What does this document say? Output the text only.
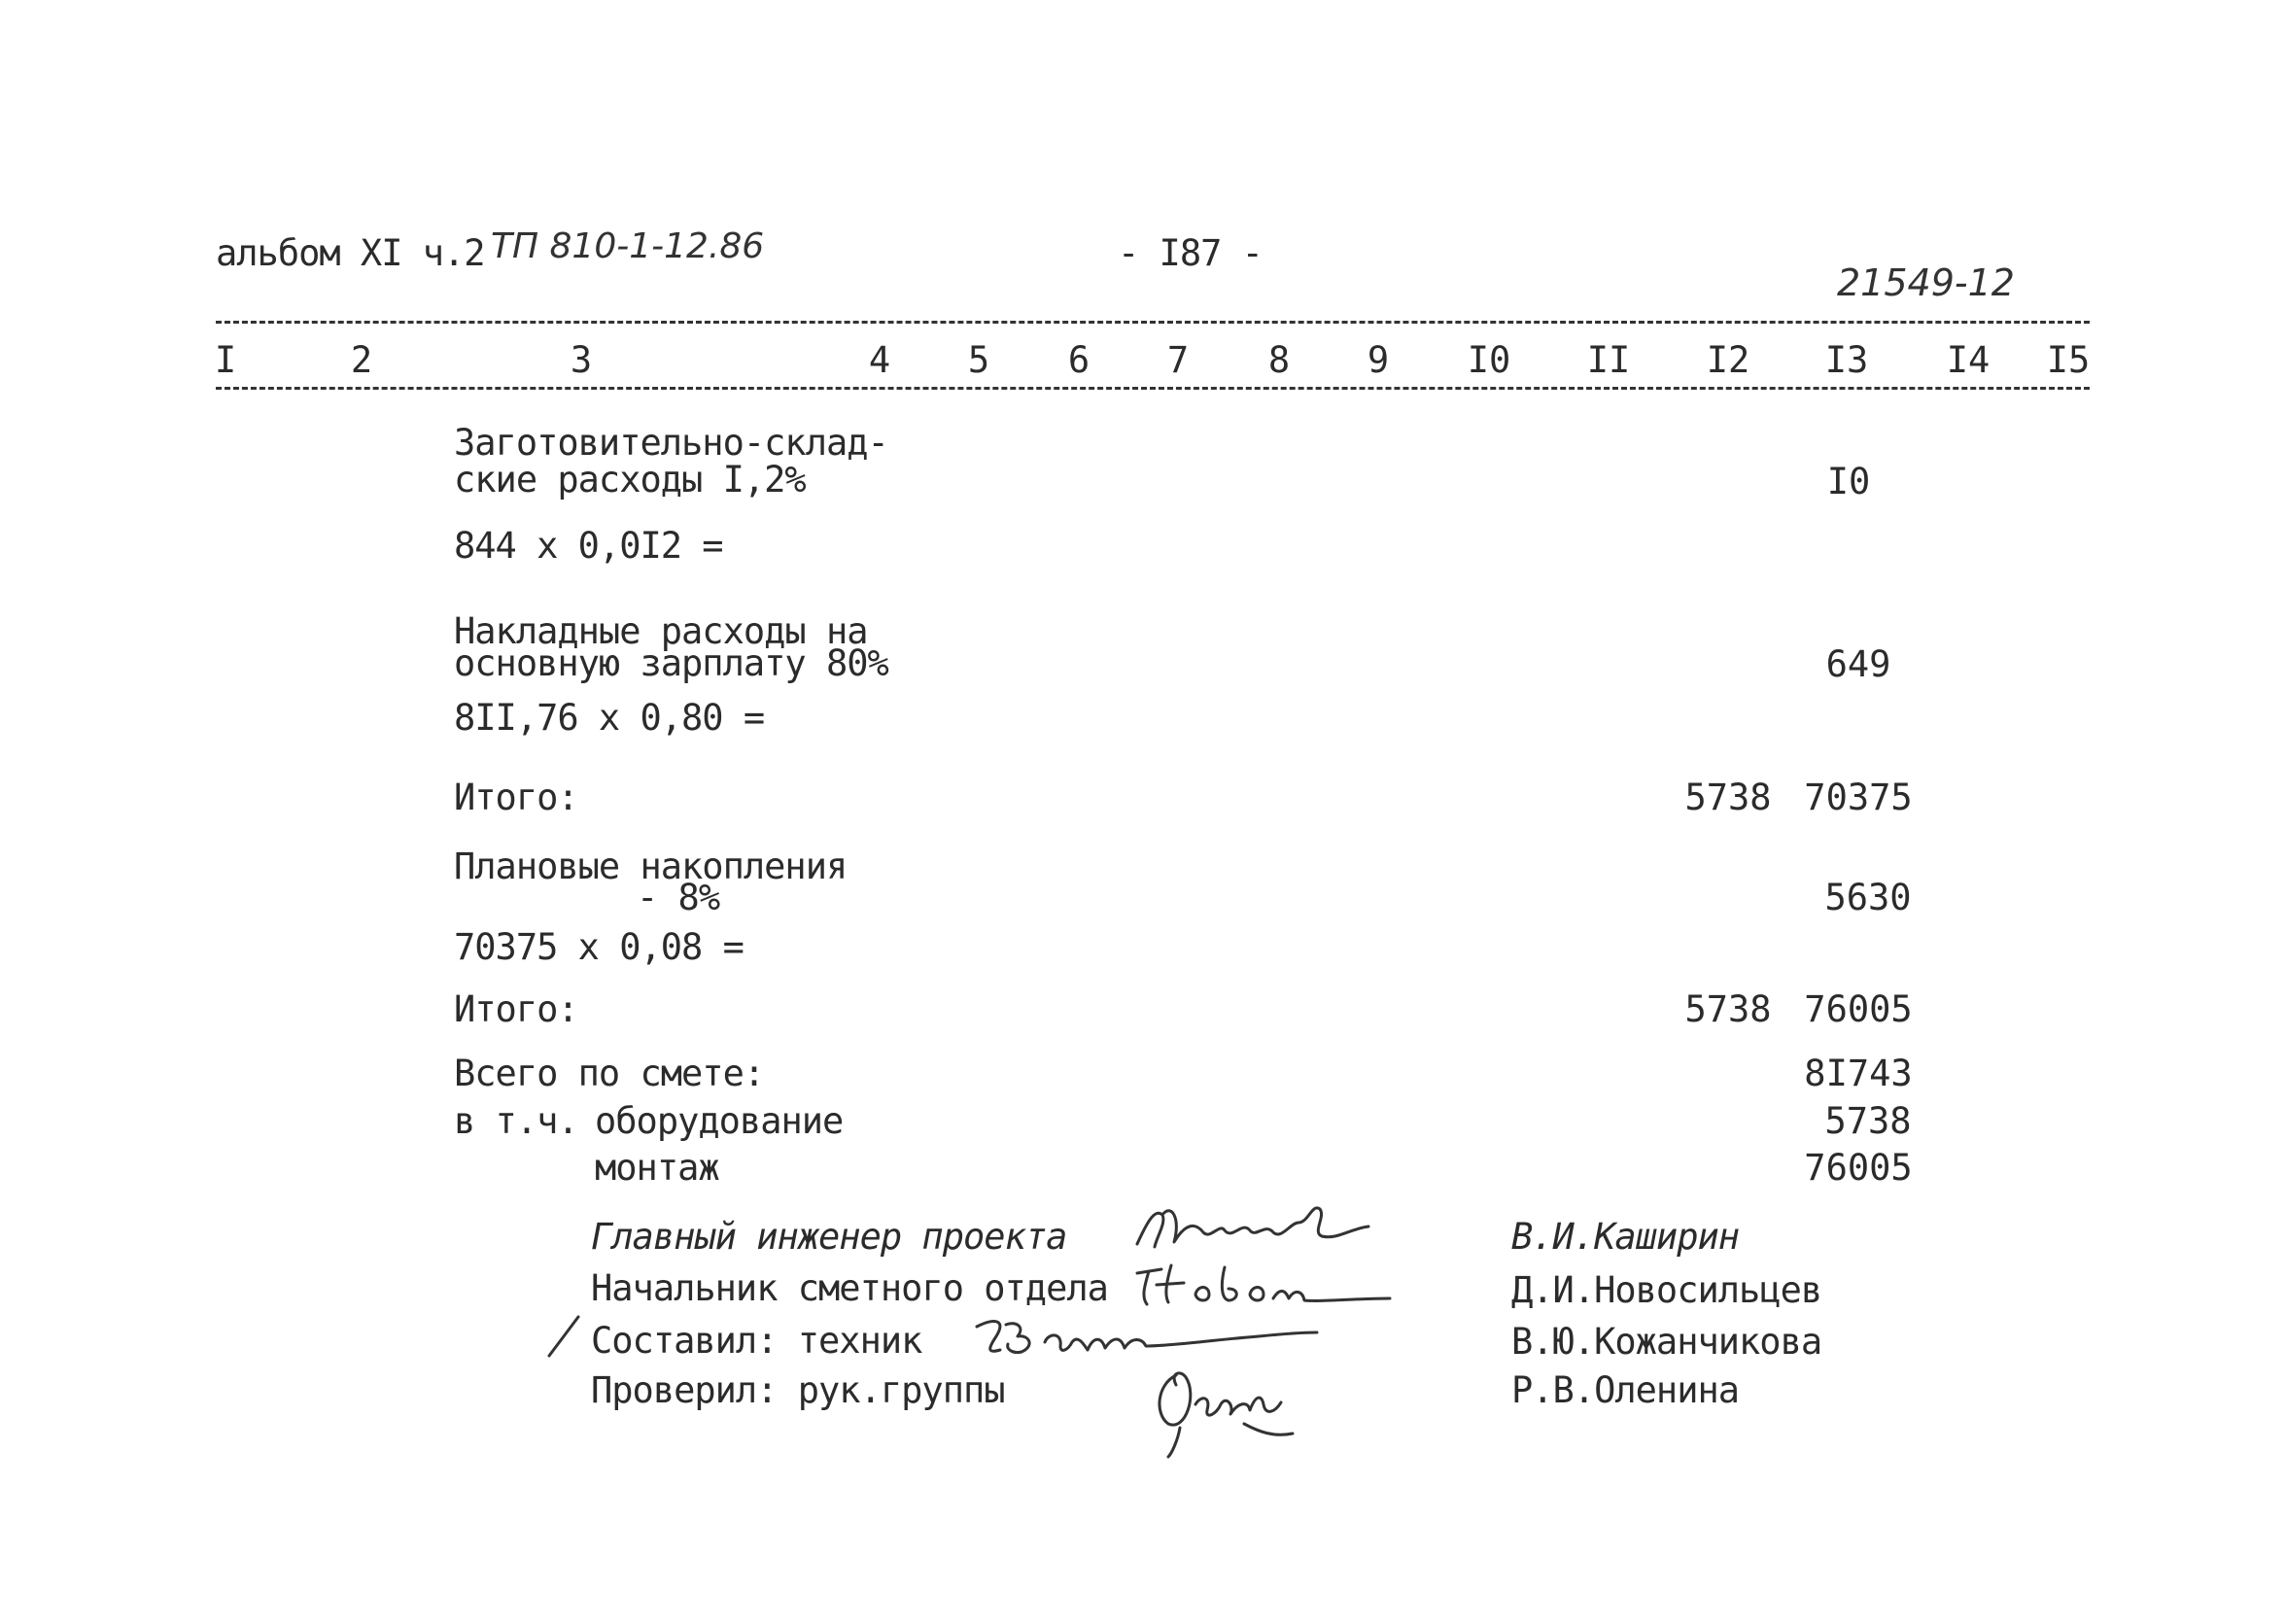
альбом XI ч.2 ТП 810-1-12.86	- I87 -
21549-12
I	2	3	4 5 6 7 8 9 I0 II I2 I3 I4 I5
Заготовительно-склад-
ские расходы I,2%	I0
844 x 0,0I2 =
Накладные расходы на
основную зарплату 80%	649
8II,76 x 0,80 =
Итого:	5738 70375
Плановые накопления
- 8%	5630
70375 x 0,08 =
Итого:	5738 76005
Всего по смете:	8I743
в т.ч. оборудование	5738
монтаж	76005
Главный инженер проекта	В.И.Каширин
Начальник сметного отдела	Д.И.Новосильцев
Составил: техник	В.Ю.Кожанчикова
Проверил: рук.группы	Р.В.Оленина
